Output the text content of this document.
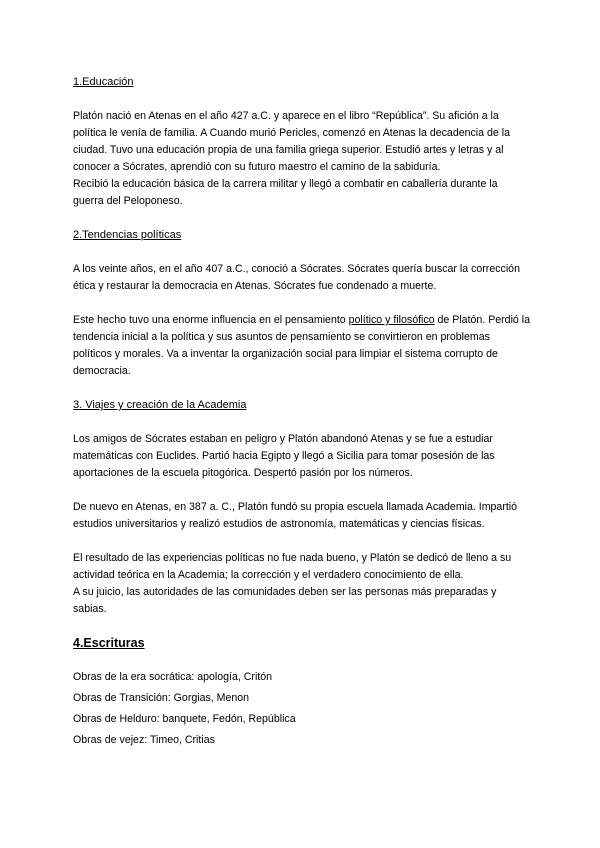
1.Educación

Platón nació en Atenas en el año 427 a.C. y aparece en el libro “República”. Su afición a la política le venía de familia. A Cuando murió Pericles, comenzó en Atenas la decadencia de la ciudad. Tuvo una educación propia de una familia griega superior. Estudió artes y letras y al conocer a Sócrates, aprendió con su futuro maestro el camino de la sabiduría.

Recibió la educación básica de la carrera militar y llegó a combatir en caballería durante la guerra del Peloponeso.

2.Tendencias políticas

A los veinte años, en el año 407 a.C., conoció a Sócrates. Sócrates quería buscar la corrección ética y restaurar la democracia en Atenas. Sócrates fue condenado a muerte.

Este hecho tuvo una enorme influencia en el pensamiento político y filosófico de Platón. Perdió la tendencia inicial a la política y sus asuntos de pensamiento se convirtieron en problemas políticos y morales. Va a inventar la organización social para limpiar el sistema corrupto de democracia.

3. Viajes y creación de la Academia

Los amigos de Sócrates estaban en peligro y Platón abandonó Atenas y se fue a estudiar matemáticas con Euclides. Partió hacia Egipto y llegó a Sicilia para tomar posesión de las aportaciones de la escuela pitogórica. Despertó pasión por los números.

De nuevo en Atenas, en 387 a. C., Platón fundó su propia escuela llamada Academia. Impartió estudios universitarios y realizó estudios de astronomía, matemáticas y ciencias físicas.

El resultado de las experiencias políticas no fue nada bueno, y Platón se dedicó de lleno a su actividad teórica en la Academia; la corrección y el verdadero conocimiento de ella.

A su juicio, las autoridades de las comunidades deben ser las personas más preparadas y sabias.

4.Escrituras

Obras de la era socrática: apología, Critón

Obras de Transición: Gorgias, Menon

Obras de Helduro: banquete, Fedón, República

Obras de vejez: Timeo, Critias
